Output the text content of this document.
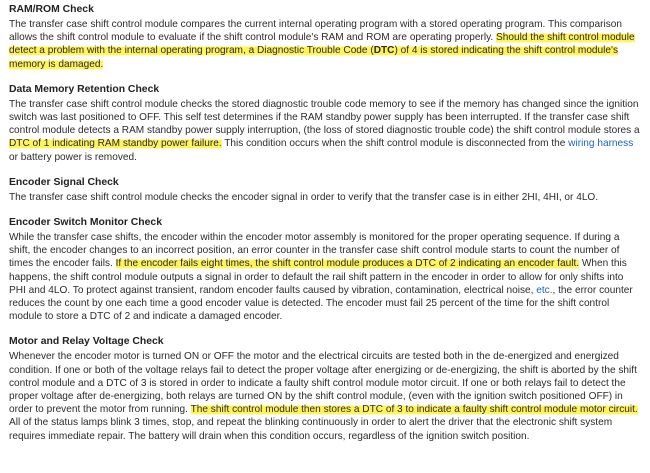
RAM/ROM Check

The transfer case shift control module compares the current internal operating program with a stored operating program. This comparison allows the shift control module to evaluate if the shift control module's RAM and ROM are operating properly. Should the shift control module detect a problem with the internal operating program, a Diagnostic Trouble Code (DTC) of 4 is stored indicating the shift control module's memory is damaged.

Data Memory Retention Check

The transfer case shift control module checks the stored diagnostic trouble code memory to see if the memory has changed since the ignition switch was last positioned to OFF. This self test determines if the RAM standby power supply has been interrupted. If the transfer case shift control module detects a RAM standby power supply interruption, (the loss of stored diagnostic trouble code) the shift control module stores a DTC of 1 indicating RAM standby power failure. This condition occurs when the shift control module is disconnected from the wiring harness or battery power is removed.

Encoder Signal Check

The transfer case shift control module checks the encoder signal in order to verify that the transfer case is in either 2HI, 4HI, or 4LO.

Encoder Switch Monitor Check

While the transfer case shifts, the encoder within the encoder motor assembly is monitored for the proper operating sequence. If during a shift, the encoder changes to an incorrect position, an error counter in the transfer case shift control module starts to count the number of times the encoder fails. If the encoder fails eight times, the shift control module produces a DTC of 2 indicating an encoder fault. When this happens, the shift control module outputs a signal in order to default the rail shift pattern in the encoder in order to allow for only shifts into PHI and 4LO. To protect against transient, random encoder faults caused by vibration, contamination, electrical noise, etc., the error counter reduces the count by one each time a good encoder value is detected. The encoder must fail 25 percent of the time for the shift control module to store a DTC of 2 and indicate a damaged encoder.

Motor and Relay Voltage Check

Whenever the encoder motor is turned ON or OFF the motor and the electrical circuits are tested both in the de-energized and energized condition. If one or both of the voltage relays fail to detect the proper voltage after energizing or de-energizing, the shift is aborted by the shift control module and a DTC of 3 is stored in order to indicate a faulty shift control module motor circuit. If one or both relays fail to detect the proper voltage after de-energizing, both relays are turned ON by the shift control module, (even with the ignition switch positioned OFF) in order to prevent the motor from running. The shift control module then stores a DTC of 3 to indicate a faulty shift control module motor circuit. All of the status lamps blink 3 times, stop, and repeat the blinking continuously in order to alert the driver that the electronic shift system requires immediate repair. The battery will drain when this condition occurs, regardless of the ignition switch position.
